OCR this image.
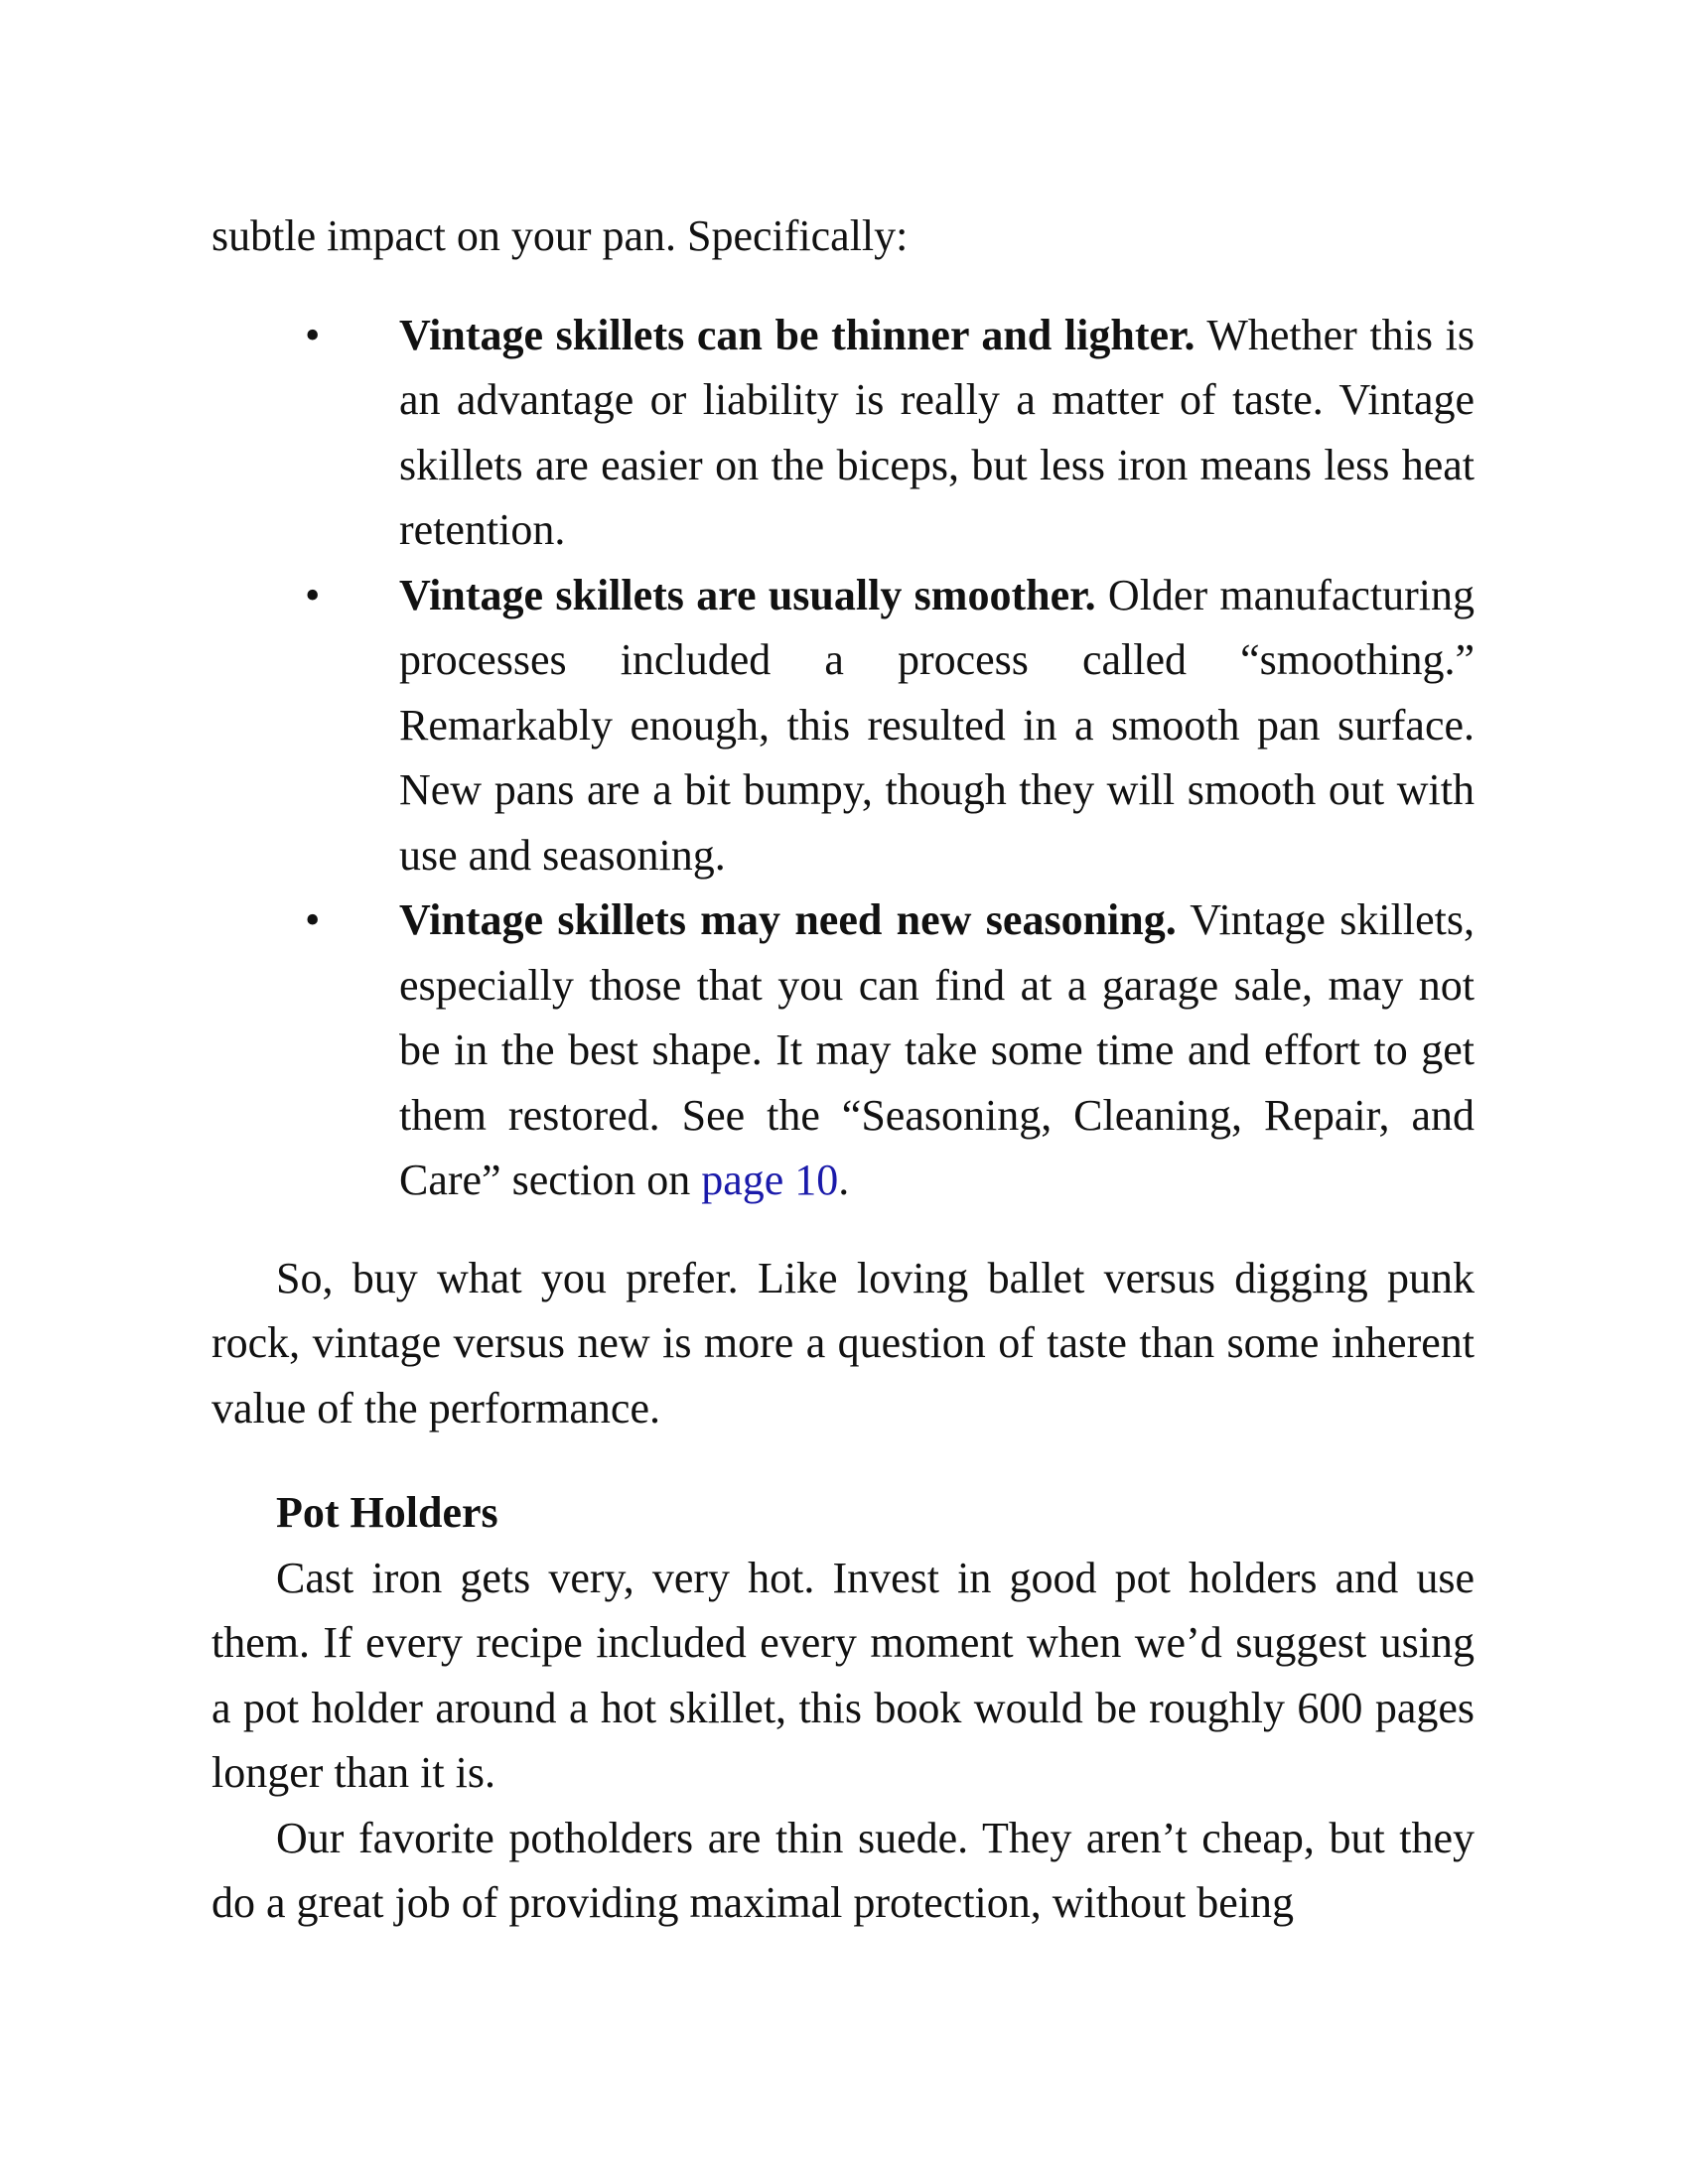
subtle impact on your pan. Specifically:

• Vintage skillets can be thinner and lighter. Whether this is an advantage or liability is really a matter of taste. Vintage skillets are easier on the biceps, but less iron means less heat retention.
• Vintage skillets are usually smoother. Older manufacturing processes included a process called “smoothing.” Remarkably enough, this resulted in a smooth pan surface. New pans are a bit bumpy, though they will smooth out with use and seasoning.
• Vintage skillets may need new seasoning. Vintage skillets, especially those that you can find at a garage sale, may not be in the best shape. It may take some time and effort to get them restored. See the “Seasoning, Cleaning, Repair, and Care” section on page 10.

So, buy what you prefer. Like loving ballet versus digging punk rock, vintage versus new is more a question of taste than some inherent value of the performance.

Pot Holders

Cast iron gets very, very hot. Invest in good pot holders and use them. If every recipe included every moment when we’d suggest using a pot holder around a hot skillet, this book would be roughly 600 pages longer than it is.

Our favorite potholders are thin suede. They aren’t cheap, but they do a great job of providing maximal protection, without being
